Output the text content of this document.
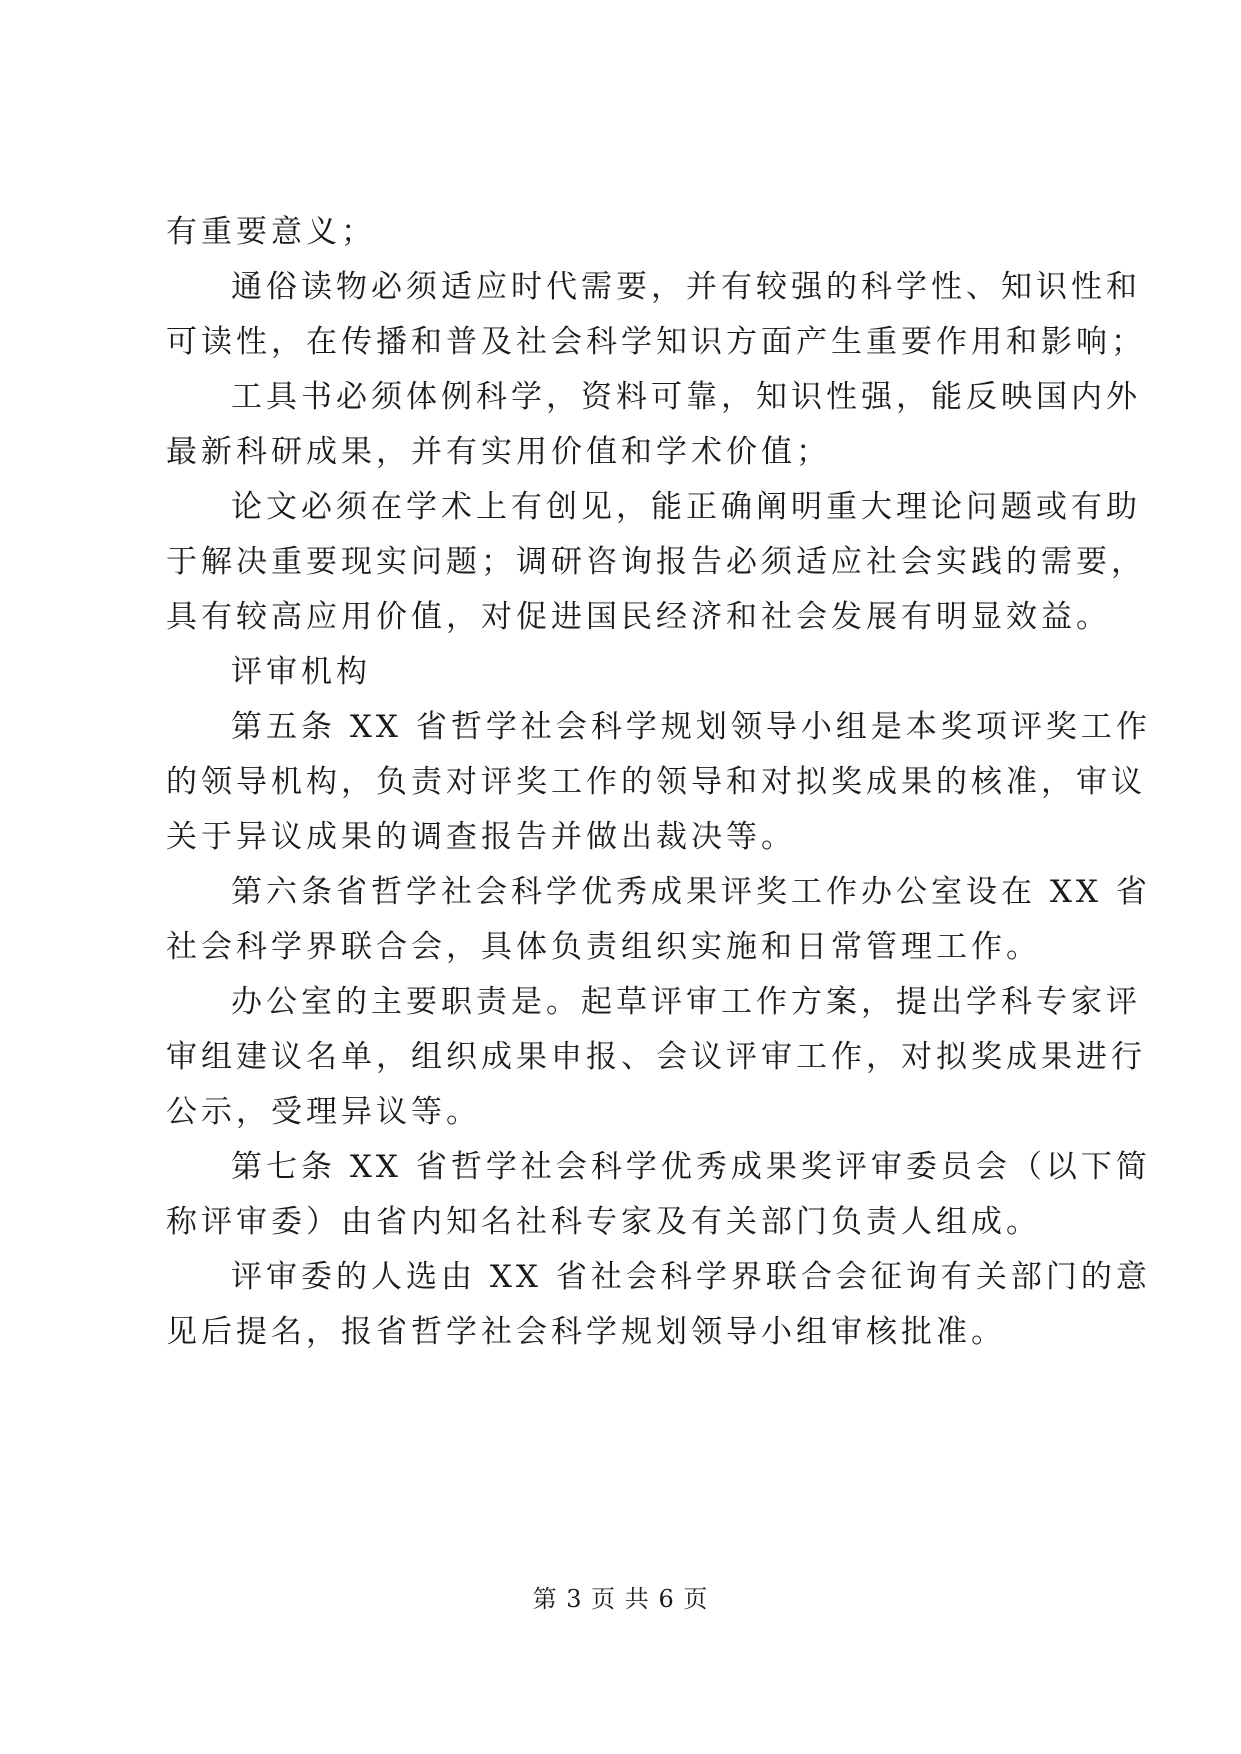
有重要意义；
通俗读物必须适应时代需要，并有较强的科学性、知识性和
可读性，在传播和普及社会科学知识方面产生重要作用和影响；
工具书必须体例科学，资料可靠，知识性强，能反映国内外
最新科研成果，并有实用价值和学术价值；
论文必须在学术上有创见，能正确阐明重大理论问题或有助
于解决重要现实问题；调研咨询报告必须适应社会实践的需要，
具有较高应用价值，对促进国民经济和社会发展有明显效益。
评审机构
第五条 XX 省哲学社会科学规划领导小组是本奖项评奖工作
的领导机构，负责对评奖工作的领导和对拟奖成果的核准，审议
关于异议成果的调查报告并做出裁决等。
第六条省哲学社会科学优秀成果评奖工作办公室设在 XX 省
社会科学界联合会，具体负责组织实施和日常管理工作。
办公室的主要职责是。起草评审工作方案，提出学科专家评
审组建议名单，组织成果申报、会议评审工作，对拟奖成果进行
公示，受理异议等。
第七条 XX 省哲学社会科学优秀成果奖评审委员会（以下简
称评审委）由省内知名社科专家及有关部门负责人组成。
评审委的人选由 XX 省社会科学界联合会征询有关部门的意
见后提名，报省哲学社会科学规划领导小组审核批准。
第 3 页 共 6 页
